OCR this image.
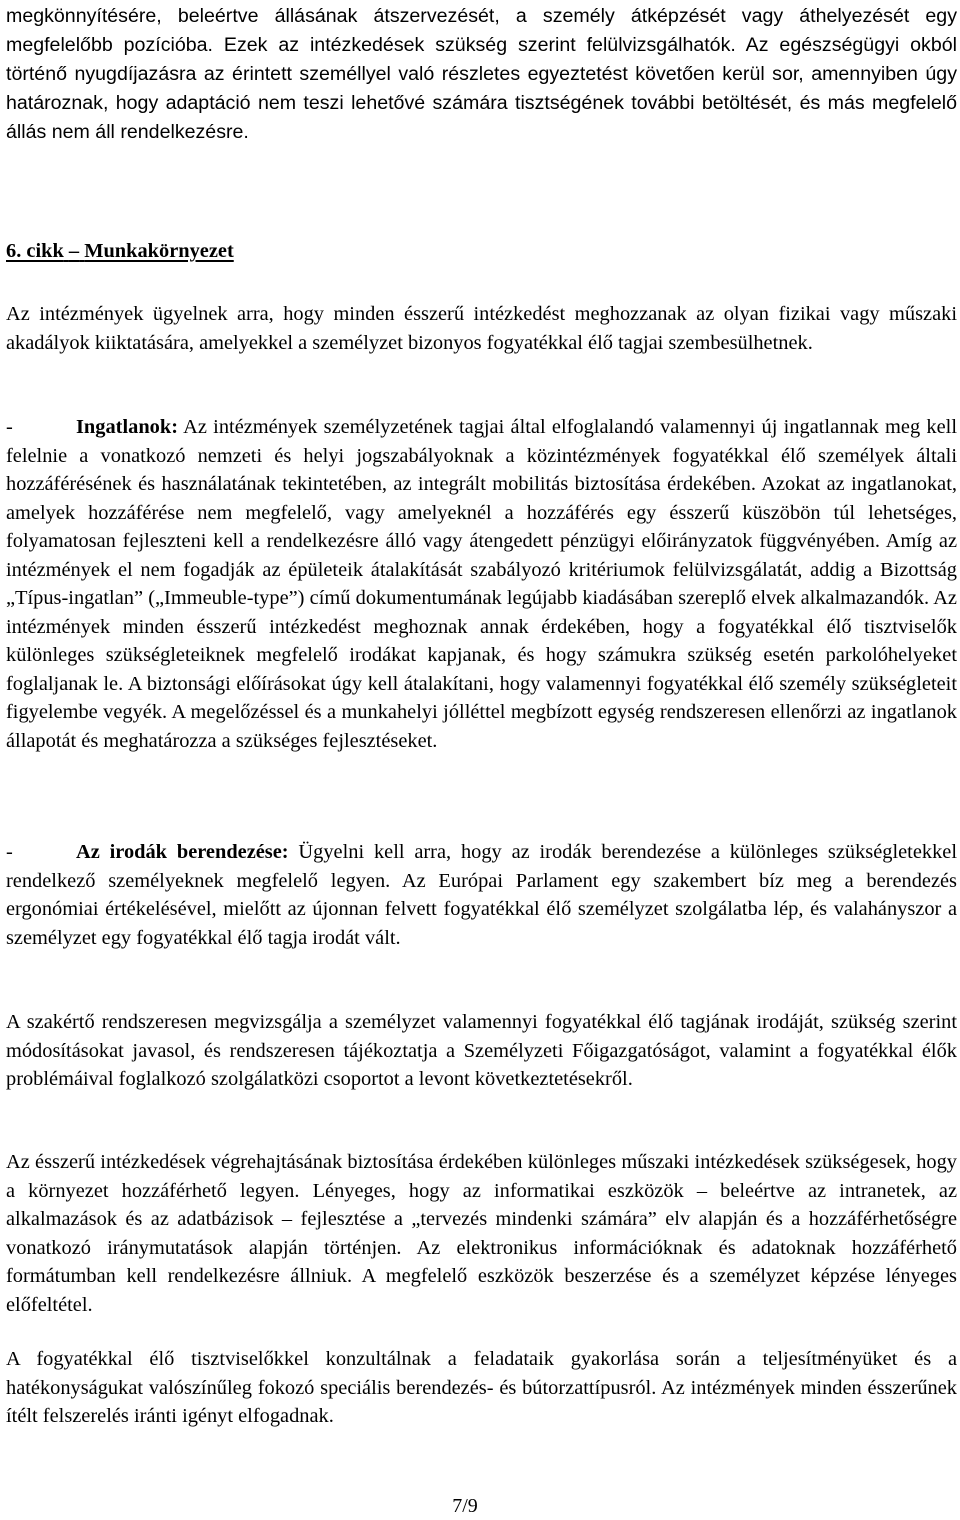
megkönnyítésére, beleértve állásának átszervezését, a személy átképzését vagy áthelyezését egy megfelelőbb pozícióba. Ezek az intézkedések szükség szerint felülvizsgálhatók. Az egészségügyi okból történő nyugdíjazásra az érintett személlyel való részletes egyeztetést követően kerül sor, amennyiben úgy határoznak, hogy adaptáció nem teszi lehetővé számára tisztségének további betöltését, és más megfelelő állás nem áll rendelkezésre.

6. cikk – Munkakörnyezet

Az intézmények ügyelnek arra, hogy minden ésszerű intézkedést meghozzanak az olyan fizikai vagy műszaki akadályok kiiktatására, amelyekkel a személyzet bizonyos fogyatékkal élő tagjai szembesülhetnek.

-	Ingatlanok: Az intézmények személyzetének tagjai által elfoglalandó valamennyi új ingatlannak meg kell felelnie a vonatkozó nemzeti és helyi jogszabályoknak a közintézmények fogyatékkal élő személyek általi hozzáférésének és használatának tekintetében, az integrált mobilitás biztosítása érdekében. Azokat az ingatlanokat, amelyek hozzáférése nem megfelelő, vagy amelyeknél a hozzáférés egy ésszerű küszöbön túl lehetséges, folyamatosan fejleszteni kell a rendelkezésre álló vagy átengedett pénzügyi előirányzatok függvényében. Amíg az intézmények el nem fogadják az épületeik átalakítását szabályozó kritériumok felülvizsgálatát, addig a Bizottság „Típus-ingatlan” („Immeuble-type”) című dokumentumának legújabb kiadásában szereplő elvek alkalmazandók. Az intézmények minden ésszerű intézkedést meghoznak annak érdekében, hogy a fogyatékkal élő tisztviselők különleges szükségleteiknek megfelelő irodákat kapjanak, és hogy számukra szükség esetén parkolóhelyeket foglaljanak le. A biztonsági előírásokat úgy kell átalakítani, hogy valamennyi fogyatékkal élő személy szükségleteit figyelembe vegyék. A megelőzéssel és a munkahelyi jólléttel megbízott egység rendszeresen ellenőrzi az ingatlanok állapotát és meghatározza a szükséges fejlesztéseket.

-	Az irodák berendezése: Ügyelni kell arra, hogy az irodák berendezése a különleges szükségletekkel rendelkező személyeknek megfelelő legyen. Az Európai Parlament egy szakembert bíz meg a berendezés ergonómiai értékelésével, mielőtt az újonnan felvett fogyatékkal élő személyzet szolgálatba lép, és valahányszor a személyzet egy fogyatékkal élő tagja irodát vált.

A szakértő rendszeresen megvizsgálja a személyzet valamennyi fogyatékkal élő tagjának irodáját, szükség szerint módosításokat javasol, és rendszeresen tájékoztatja a Személyzeti Főigazgatóságot, valamint a fogyatékkal élők problémáival foglalkozó szolgálatközi csoportot a levont következtetésekről.

Az ésszerű intézkedések végrehajtásának biztosítása érdekében különleges műszaki intézkedések szükségesek, hogy a környezet hozzáférhető legyen. Lényeges, hogy az informatikai eszközök – beleértve az intranetek, az alkalmazások és az adatbázisok – fejlesztése a „tervezés mindenki számára” elv alapján és a hozzáférhetőségre vonatkozó iránymutatások alapján történjen. Az elektronikus információknak és adatoknak hozzáférhető formátumban kell rendelkezésre állniuk. A megfelelő eszközök beszerzése és a személyzet képzése lényeges előfeltétel.

A fogyatékkal élő tisztviselőkkel konzultálnak a feladataik gyakorlása során a teljesítményüket és a hatékonyságukat valószínűleg fokozó speciális berendezés- és bútorzattípusról. Az intézmények minden ésszerűnek ítélt felszerelés iránti igényt elfogadnak.

7/9
